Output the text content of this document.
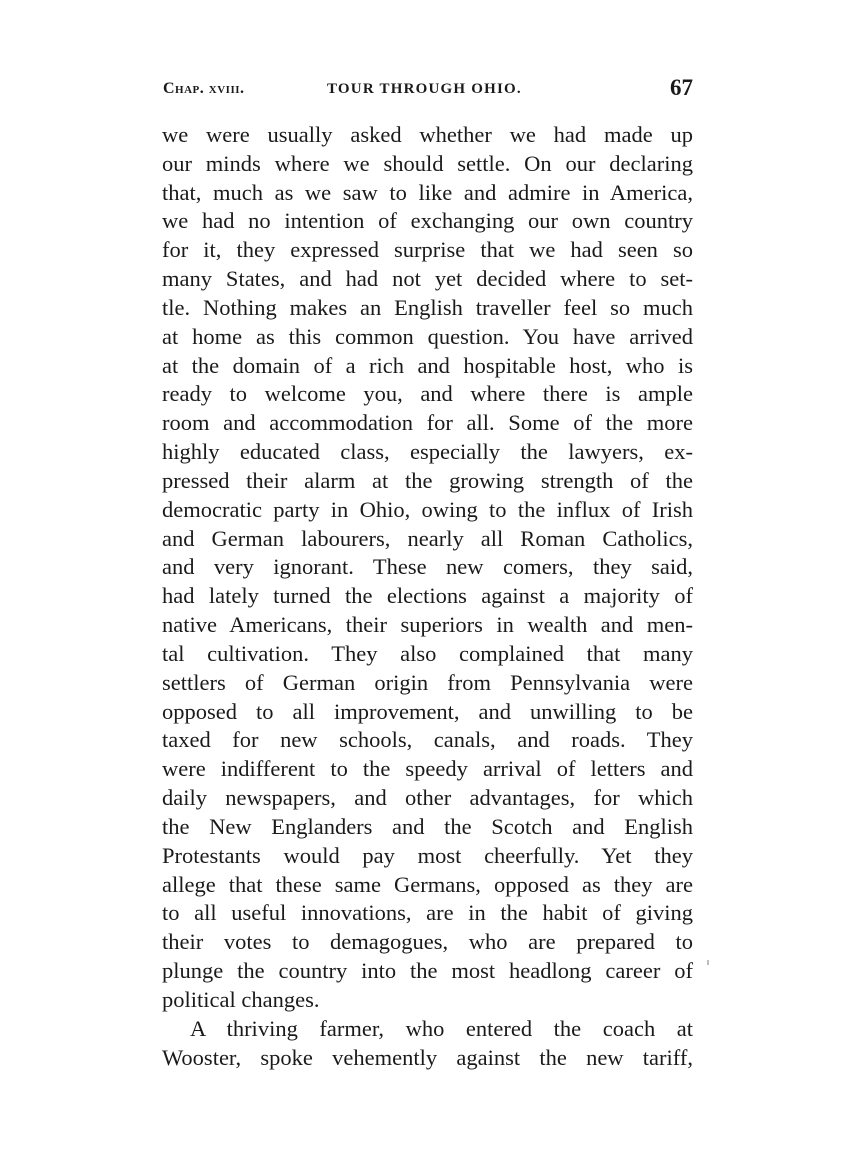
Chap. xviii.	TOUR THROUGH OHIO.	67
we were usually asked whether we had made up
our minds where we should settle. On our declaring
that, much as we saw to like and admire in America,
we had no intention of exchanging our own country
for it, they expressed surprise that we had seen so
many States, and had not yet decided where to set-
tle. Nothing makes an English traveller feel so much
at home as this common question. You have arrived
at the domain of a rich and hospitable host, who is
ready to welcome you, and where there is ample
room and accommodation for all. Some of the more
highly educated class, especially the lawyers, ex-
pressed their alarm at the growing strength of the
democratic party in Ohio, owing to the influx of Irish
and German labourers, nearly all Roman Catholics,
and very ignorant. These new comers, they said,
had lately turned the elections against a majority of
native Americans, their superiors in wealth and men-
tal cultivation. They also complained that many
settlers of German origin from Pennsylvania were
opposed to all improvement, and unwilling to be
taxed for new schools, canals, and roads. They
were indifferent to the speedy arrival of letters and
daily newspapers, and other advantages, for which
the New Englanders and the Scotch and English
Protestants would pay most cheerfully. Yet they
allege that these same Germans, opposed as they are
to all useful innovations, are in the habit of giving
their votes to demagogues, who are prepared to
plunge the country into the most headlong career of
political changes.
A thriving farmer, who entered the coach at
Wooster, spoke vehemently against the new tariff,
